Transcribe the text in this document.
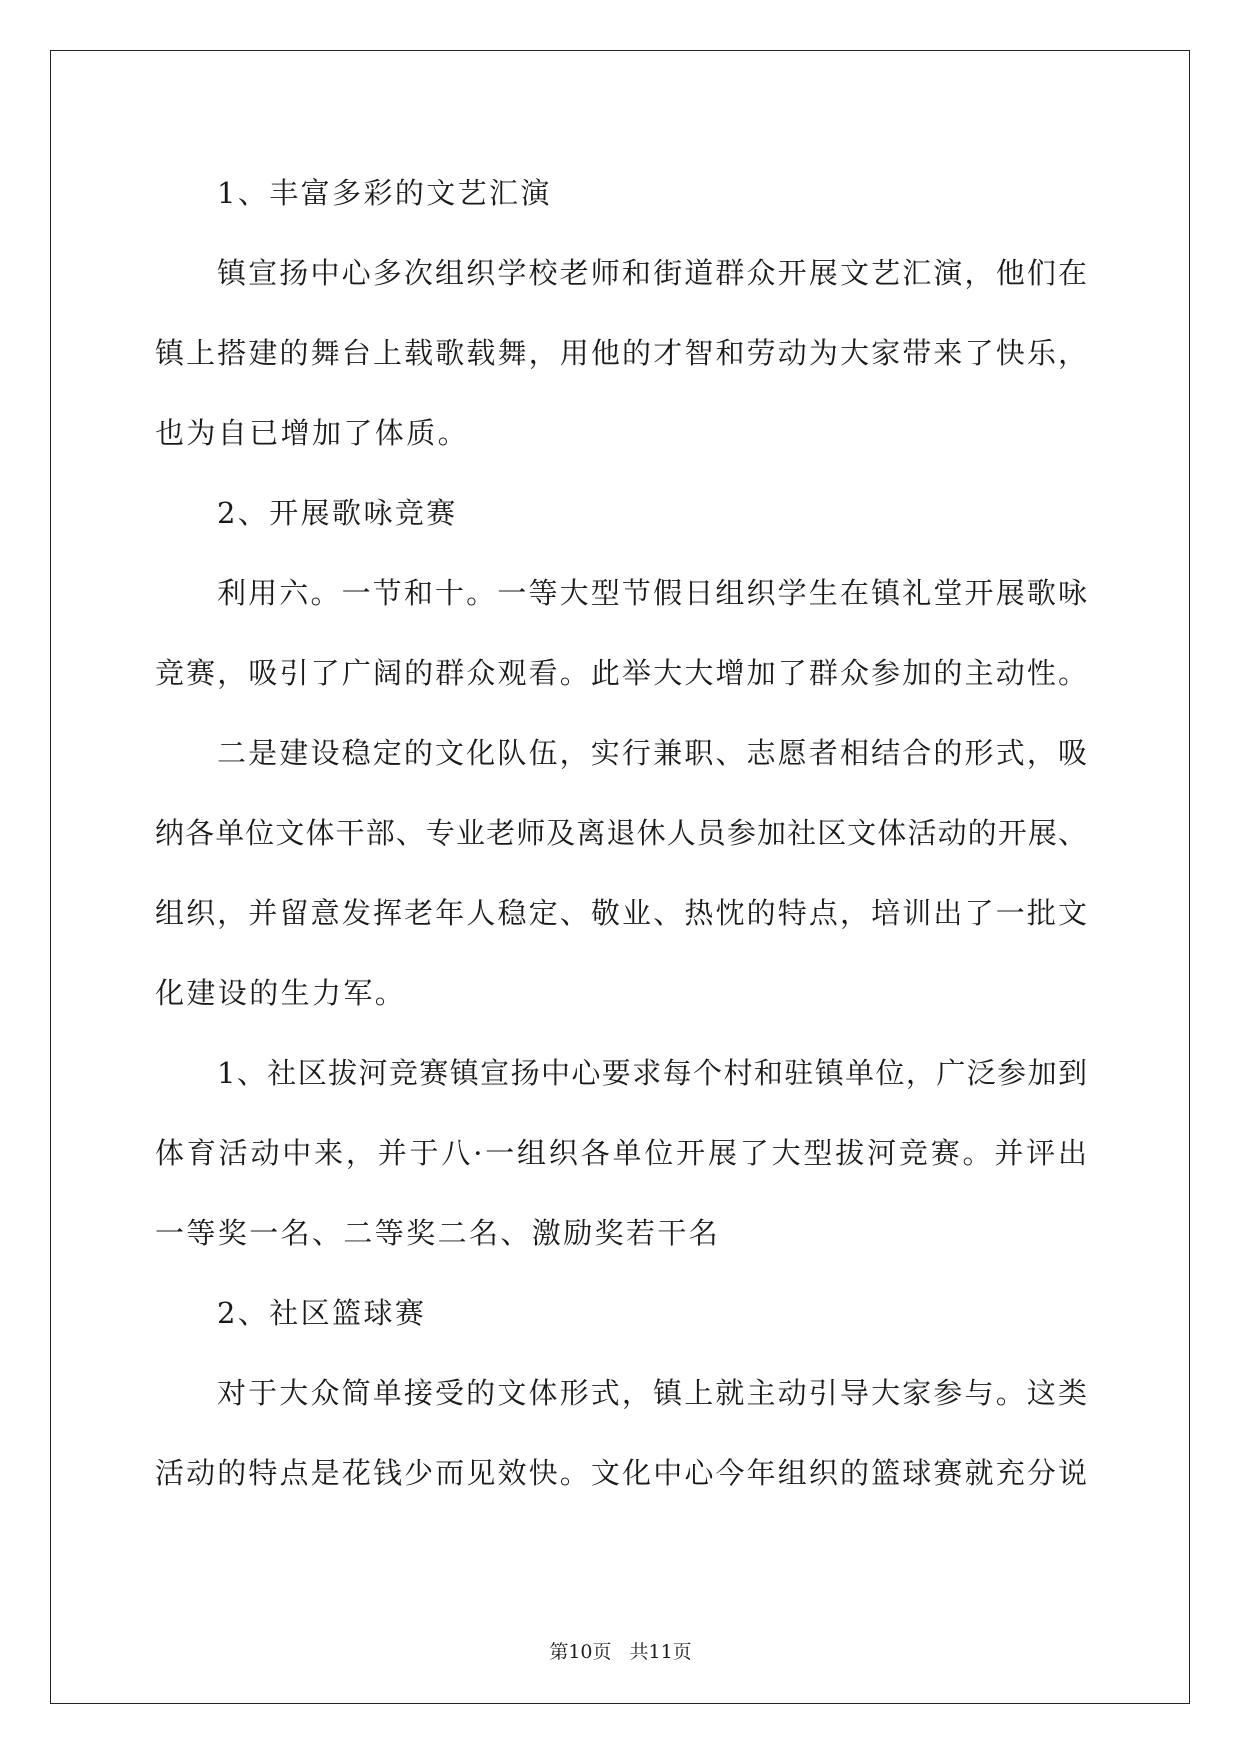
1、丰富多彩的文艺汇演
镇宣扬中心多次组织学校老师和街道群众开展文艺汇演，他们在
镇上搭建的舞台上载歌载舞，用他的才智和劳动为大家带来了快乐，
也为自已增加了体质。
2、开展歌咏竞赛
利用六。一节和十。一等大型节假日组织学生在镇礼堂开展歌咏
竞赛，吸引了广阔的群众观看。此举大大增加了群众参加的主动性。
二是建设稳定的文化队伍，实行兼职、志愿者相结合的形式，吸
纳各单位文体干部、专业老师及离退休人员参加社区文体活动的开展、
组织，并留意发挥老年人稳定、敬业、热忱的特点，培训出了一批文
化建设的生力军。
1、社区拔河竞赛镇宣扬中心要求每个村和驻镇单位，广泛参加到
体育活动中来，并于八·一组织各单位开展了大型拔河竞赛。并评出
一等奖一名、二等奖二名、激励奖若干名
2、社区篮球赛
对于大众简单接受的文体形式，镇上就主动引导大家参与。这类
活动的特点是花钱少而见效快。文化中心今年组织的篮球赛就充分说
第10页 共11页
